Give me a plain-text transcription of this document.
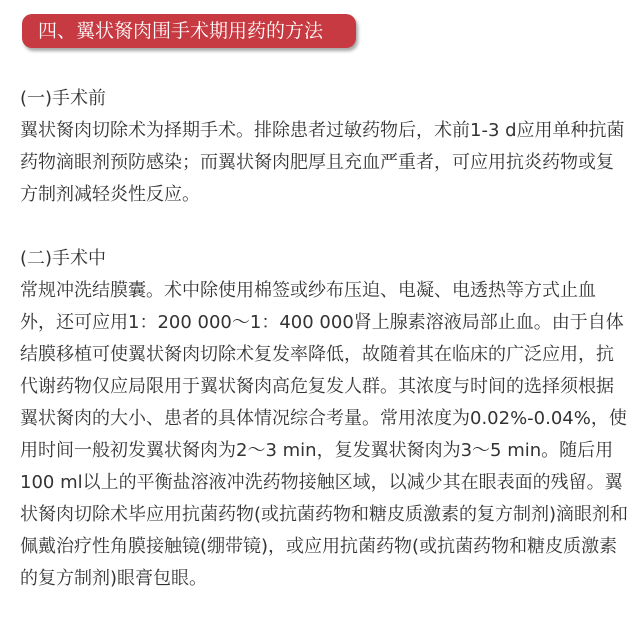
四、翼状胬肉围手术期用药的方法
(一)手术前

翼状胬肉切除术为择期手术。排除患者过敏药物后，术前1-3 d应用单种抗菌药物滴眼剂预防感染；而翼状胬肉肥厚且充血严重者，可应用抗炎药物或复方制剂减轻炎性反应。

(二)手术中

常规冲洗结膜囊。术中除使用棉签或纱布压迫、电凝、电透热等方式止血外，还可应用1：200 000～1：400 000肾上腺素溶液局部止血。由于自体结膜移植可使翼状胬肉切除术复发率降低，故随着其在临床的广泛应用，抗代谢药物仅应局限用于翼状胬肉高危复发人群。其浓度与时间的选择须根据翼状胬肉的大小、患者的具体情况综合考量。常用浓度为0.02%-0.04%，使用时间一般初发翼状胬肉为2～3 min，复发翼状胬肉为3～5 min。随后用100 ml以上的平衡盐溶液冲洗药物接触区域，以减少其在眼表面的残留。翼状胬肉切除术毕应用抗菌药物(或抗菌药物和糖皮质激素的复方制剂)滴眼剂和佩戴治疗性角膜接触镜(绷带镜)，或应用抗菌药物(或抗菌药物和糖皮质激素的复方制剂)眼膏包眼。
